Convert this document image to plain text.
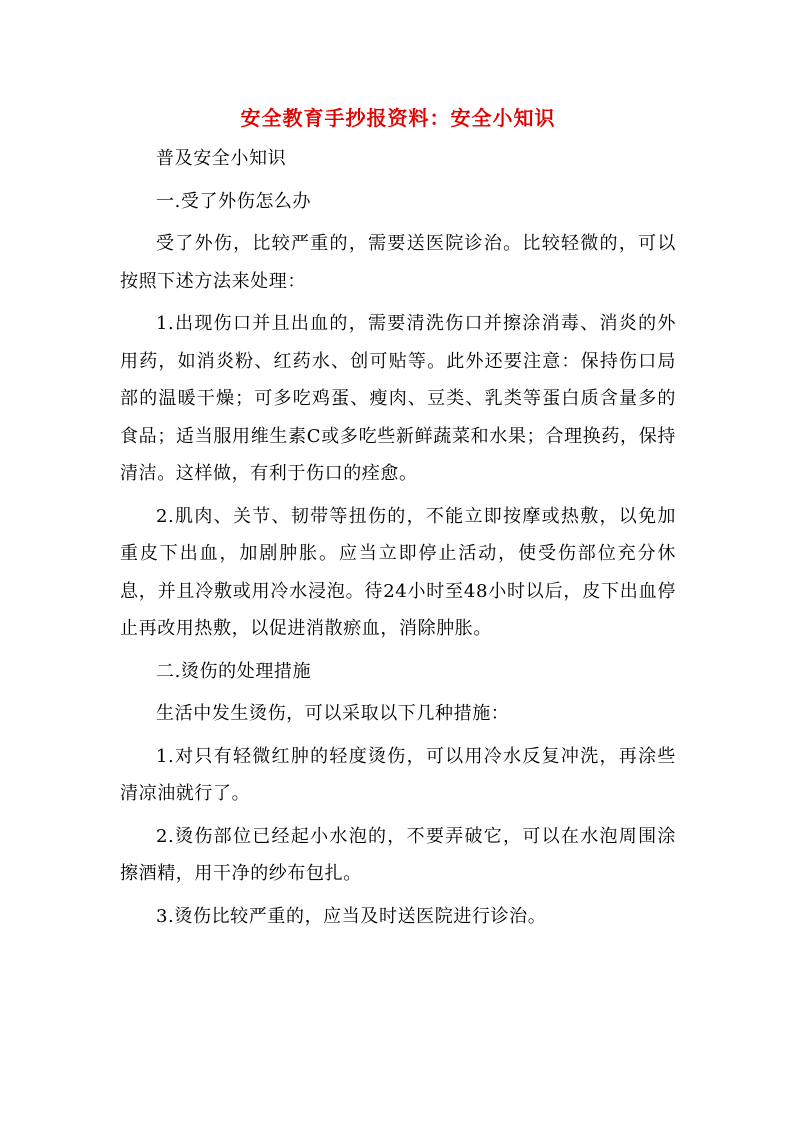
安全教育手抄报资料：安全小知识

普及安全小知识

一.受了外伤怎么办

受了外伤，比较严重的，需要送医院诊治。比较轻微的，可以按照下述方法来处理：

1.出现伤口并且出血的，需要清洗伤口并擦涂消毒、消炎的外用药，如消炎粉、红药水、创可贴等。此外还要注意：保持伤口局部的温暖干燥；可多吃鸡蛋、瘦肉、豆类、乳类等蛋白质含量多的食品；适当服用维生素C或多吃些新鲜蔬菜和水果；合理换药，保持清洁。这样做，有利于伤口的痊愈。

2.肌肉、关节、韧带等扭伤的，不能立即按摩或热敷，以免加重皮下出血，加剧肿胀。应当立即停止活动，使受伤部位充分休息，并且冷敷或用冷水浸泡。待24小时至48小时以后，皮下出血停止再改用热敷，以促进消散瘀血，消除肿胀。

二.烫伤的处理措施

生活中发生烫伤，可以采取以下几种措施：

1.对只有轻微红肿的轻度烫伤，可以用冷水反复冲洗，再涂些清凉油就行了。

2.烫伤部位已经起小水泡的，不要弄破它，可以在水泡周围涂擦酒精，用干净的纱布包扎。

3.烫伤比较严重的，应当及时送医院进行诊治。
